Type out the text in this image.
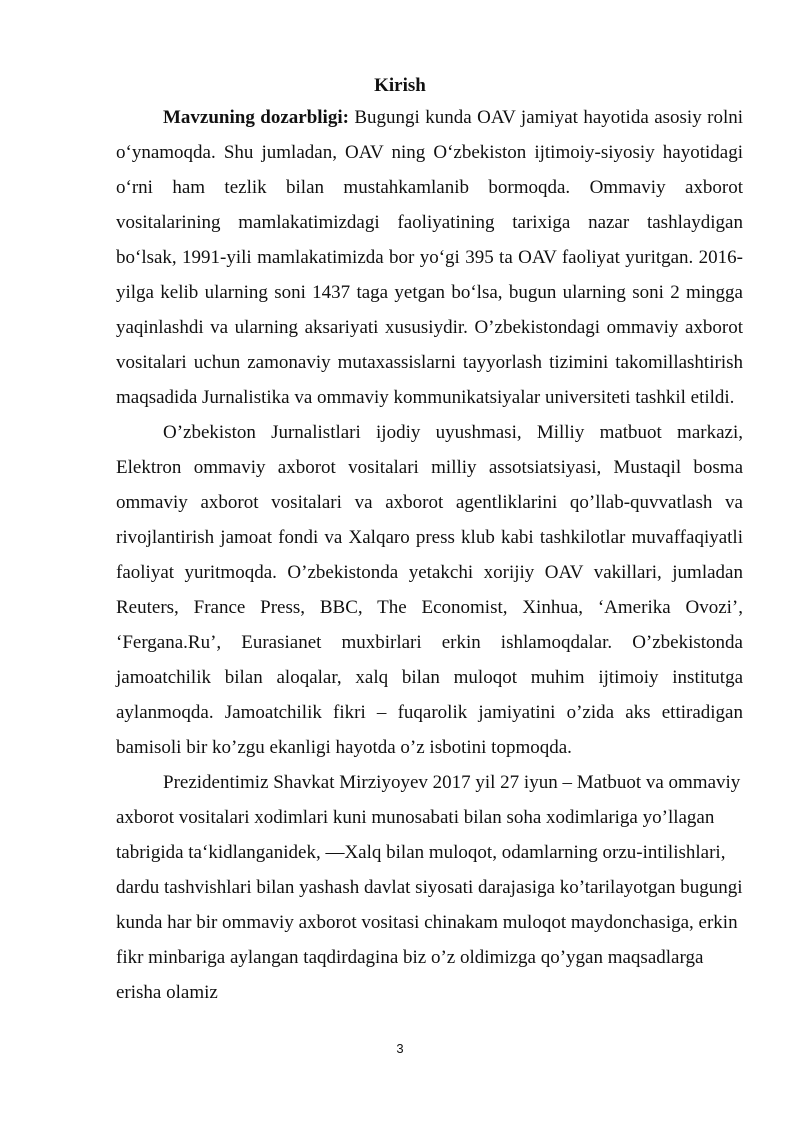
Kirish

Mavzuning dozarbligi: Bugungi kunda OAV jamiyat hayotida asosiy rolni o‘ynamoqda. Shu jumladan, OAV ning O‘zbekiston ijtimoiy-siyosiy hayotidagi o‘rni ham tezlik bilan mustahkamlanib bormoqda. Ommaviy axborot vositalarining mamlakatimizdagi faoliyatining tarixiga nazar tashlaydigan bo‘lsak, 1991-yili mamlakatimizda bor yo‘gi 395 ta OAV faoliyat yuritgan. 2016- yilga kelib ularning soni 1437 taga yetgan bo‘lsa, bugun ularning soni 2 mingga yaqinlashdi va ularning aksariyati xususiydir. O’zbekistondagi ommaviy axborot vositalari uchun zamonaviy mutaxassislarni tayyorlash tizimini takomillashtirish maqsadida Jurnalistika va ommaviy kommunikatsiyalar universiteti tashkil etildi.

O’zbekiston Jurnalistlari ijodiy uyushmasi, Milliy matbuot markazi, Elektron ommaviy axborot vositalari milliy assotsiatsiyasi, Mustaqil bosma ommaviy axborot vositalari va axborot agentliklarini qo’llab-quvvatlash va rivojlantirish jamoat fondi va Xalqaro press klub kabi tashkilotlar muvaffaqiyatli faoliyat yuritmoqda. O’zbekistonda yetakchi xorijiy OAV vakillari, jumladan Reuters, France Press, BBC, The Economist, Xinhua, ‘Amerika Ovozi’, ‘Fergana.Ru’, Eurasianet muxbirlari erkin ishlamoqdalar. O’zbekistonda jamoatchilik bilan aloqalar, xalq bilan muloqot muhim ijtimoiy institutga aylanmoqda. Jamoatchilik fikri – fuqarolik jamiyatini o’zida aks ettiradigan bamisoli bir ko’zgu ekanligi hayotda o’z isbotini topmoqda.

Prezidentimiz Shavkat Mirziyoyev 2017 yil 27 iyun – Matbuot va ommaviy axborot vositalari xodimlari kuni munosabati bilan soha xodimlariga yo’llagan tabrigida ta‘kidlanganidek, ―Xalq bilan muloqot, odamlarning orzu-intilishlari, dardu tashvishlari bilan yashash davlat siyosati darajasiga ko’tarilayotgan bugungi kunda har bir ommaviy axborot vositasi chinakam muloqot maydonchasiga, erkin fikr minbariga aylangan taqdirdagina biz o’z oldimizga qo’ygan maqsadlarga erisha olamiz

3
